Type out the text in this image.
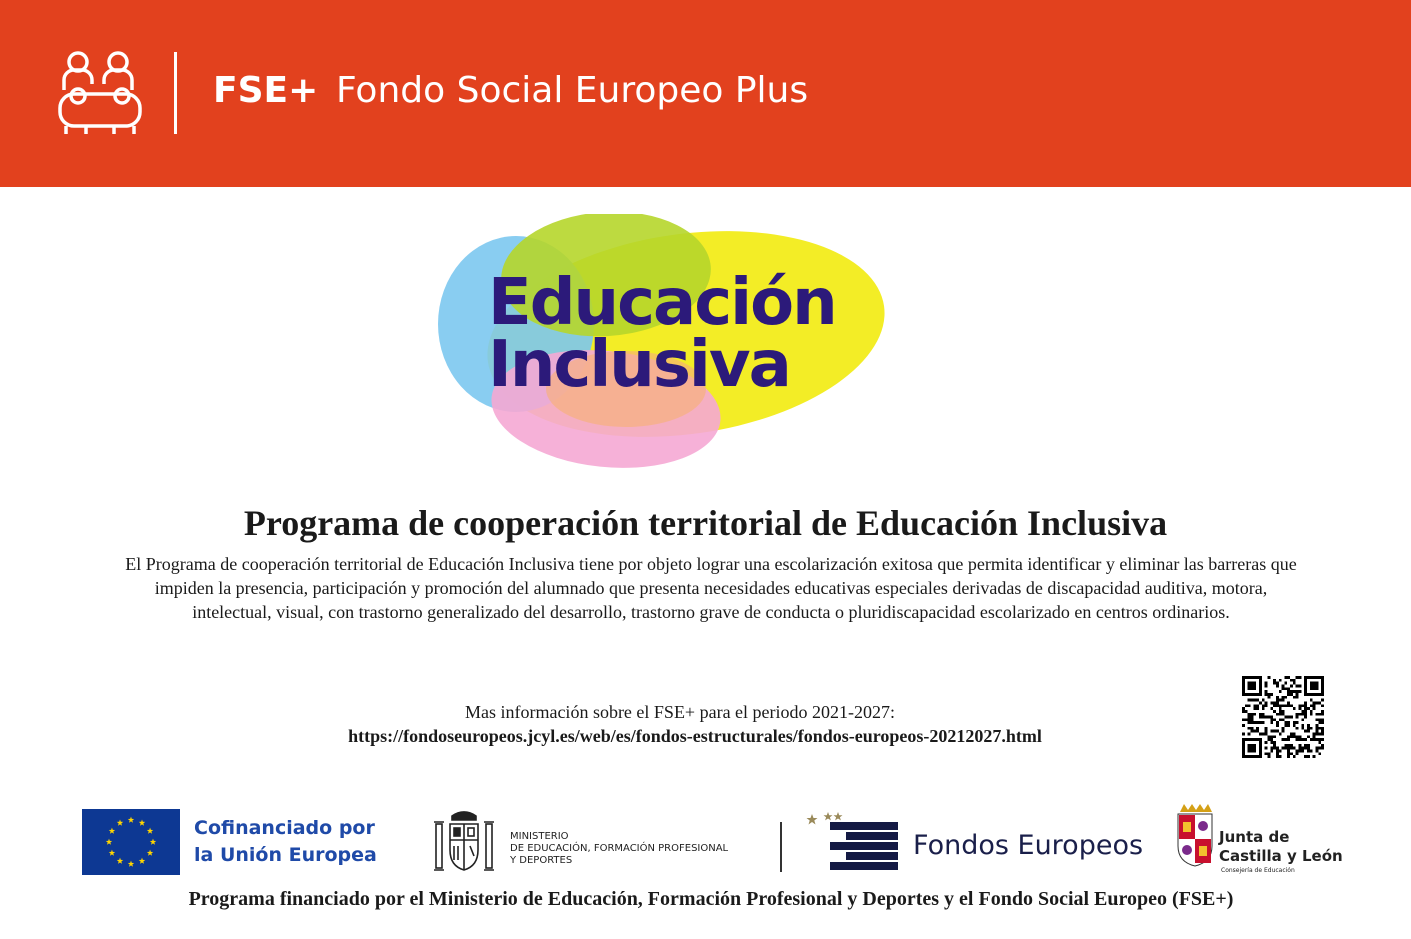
FSE+ Fondo Social Europeo Plus
Educación
Inclusiva
Programa de cooperación territorial de Educación Inclusiva

El Programa de cooperación territorial de Educación Inclusiva tiene por objeto lograr una escolarización exitosa que permita identificar y eliminar las barreras que impiden la presencia, participación y promoción del alumnado que presenta necesidades educativas especiales derivadas de discapacidad auditiva, motora, intelectual, visual, con trastorno generalizado del desarrollo, trastorno grave de conducta o pluridiscapacidad escolarizado en centros ordinarios.

Mas información sobre el FSE+ para el periodo 2021-2027:
https://fondoseuropeos.jcyl.es/web/es/fondos-estructurales/fondos-europeos-20212027.html
Cofinanciado por
la Unión Europea
MINISTERIO
DE EDUCACIÓN, FORMACIÓN PROFESIONAL
Y DEPORTES	Fondos Europeos	Junta de
Castilla y León
Consejería de Educación
Programa financiado por el Ministerio de Educación, Formación Profesional y Deportes y el Fondo Social Europeo (FSE+)
